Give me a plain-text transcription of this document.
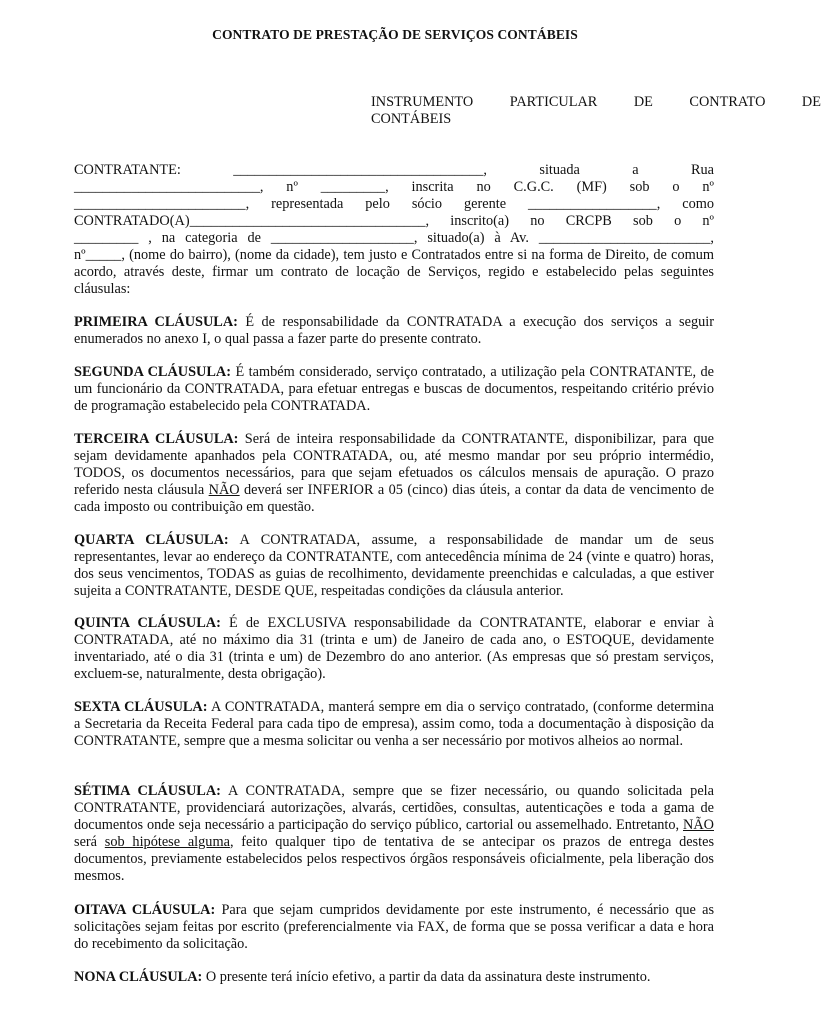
CONTRATO DE PRESTAÇÃO DE SERVIÇOS CONTÁBEIS
INSTRUMENTO PARTICULAR DE CONTRATO DE
CONTÁBEIS
CONTRATANTE: ___________________________________, situada a Rua
__________________________, nº _________, inscrita no C.G.C. (MF) sob o nº
________________________, representada pelo sócio gerente __________________, como
CONTRATADO(A)_________________________________, inscrito(a) no CRCPB sob o nº
_________ , na categoria de ____________________, situado(a) à Av. ________________________,
nº_____, (nome do bairro), (nome da cidade), tem justo e Contratados entre si na forma de Direito, de comum acordo, através deste, firmar um contrato de locação de Serviços, regido e estabelecido pelas seguintes cláusulas:

PRIMEIRA CLÁUSULA: É de responsabilidade da CONTRATADA a execução dos serviços a seguir enumerados no anexo I, o qual passa a fazer parte do presente contrato.

SEGUNDA CLÁUSULA: É também considerado, serviço contratado, a utilização pela CONTRATANTE, de um funcionário da CONTRATADA, para efetuar entregas e buscas de documentos, respeitando critério prévio de programação estabelecido pela CONTRATADA.

TERCEIRA CLÁUSULA: Será de inteira responsabilidade da CONTRATANTE, disponibilizar, para que sejam devidamente apanhados pela CONTRATADA, ou, até mesmo mandar por seu próprio intermédio, TODOS, os documentos necessários, para que sejam efetuados os cálculos mensais de apuração. O prazo referido nesta cláusula NÃO deverá ser INFERIOR a 05 (cinco) dias úteis, a contar da data de vencimento de cada imposto ou contribuição em questão.

QUARTA CLÁUSULA: A CONTRATADA, assume, a responsabilidade de mandar um de seus representantes, levar ao endereço da CONTRATANTE, com antecedência mínima de 24 (vinte e quatro) horas, dos seus vencimentos, TODAS as guias de recolhimento, devidamente preenchidas e calculadas, a que estiver sujeita a CONTRATANTE, DESDE QUE, respeitadas condições da cláusula anterior.

QUINTA CLÁUSULA: É de EXCLUSIVA responsabilidade da CONTRATANTE, elaborar e enviar à CONTRATADA, até no máximo dia 31 (trinta e um) de Janeiro de cada ano, o ESTOQUE, devidamente inventariado, até o dia 31 (trinta e um) de Dezembro do ano anterior. (As empresas que só prestam serviços, excluem-se, naturalmente, desta obrigação).

SEXTA CLÁUSULA: A CONTRATADA, manterá sempre em dia o serviço contratado, (conforme determina a Secretaria da Receita Federal para cada tipo de empresa), assim como, toda a documentação à disposição da CONTRATANTE, sempre que a mesma solicitar ou venha a ser necessário por motivos alheios ao normal.

SÉTIMA CLÁUSULA: A CONTRATADA, sempre que se fizer necessário, ou quando solicitada pela CONTRATANTE, providenciará autorizações, alvarás, certidões, consultas, autenticações e toda a gama de documentos onde seja necessário a participação do serviço público, cartorial ou assemelhado. Entretanto, NÃO será sob hipótese alguma, feito qualquer tipo de tentativa de se antecipar os prazos de entrega destes documentos, previamente estabelecidos pelos respectivos órgãos responsáveis oficialmente, pela liberação dos mesmos.

OITAVA CLÁUSULA: Para que sejam cumpridos devidamente por este instrumento, é necessário que as solicitações sejam feitas por escrito (preferencialmente via FAX, de forma que se possa verificar a data e hora do recebimento da solicitação.

NONA CLÁUSULA: O presente terá início efetivo, a partir da data da assinatura deste instrumento.
